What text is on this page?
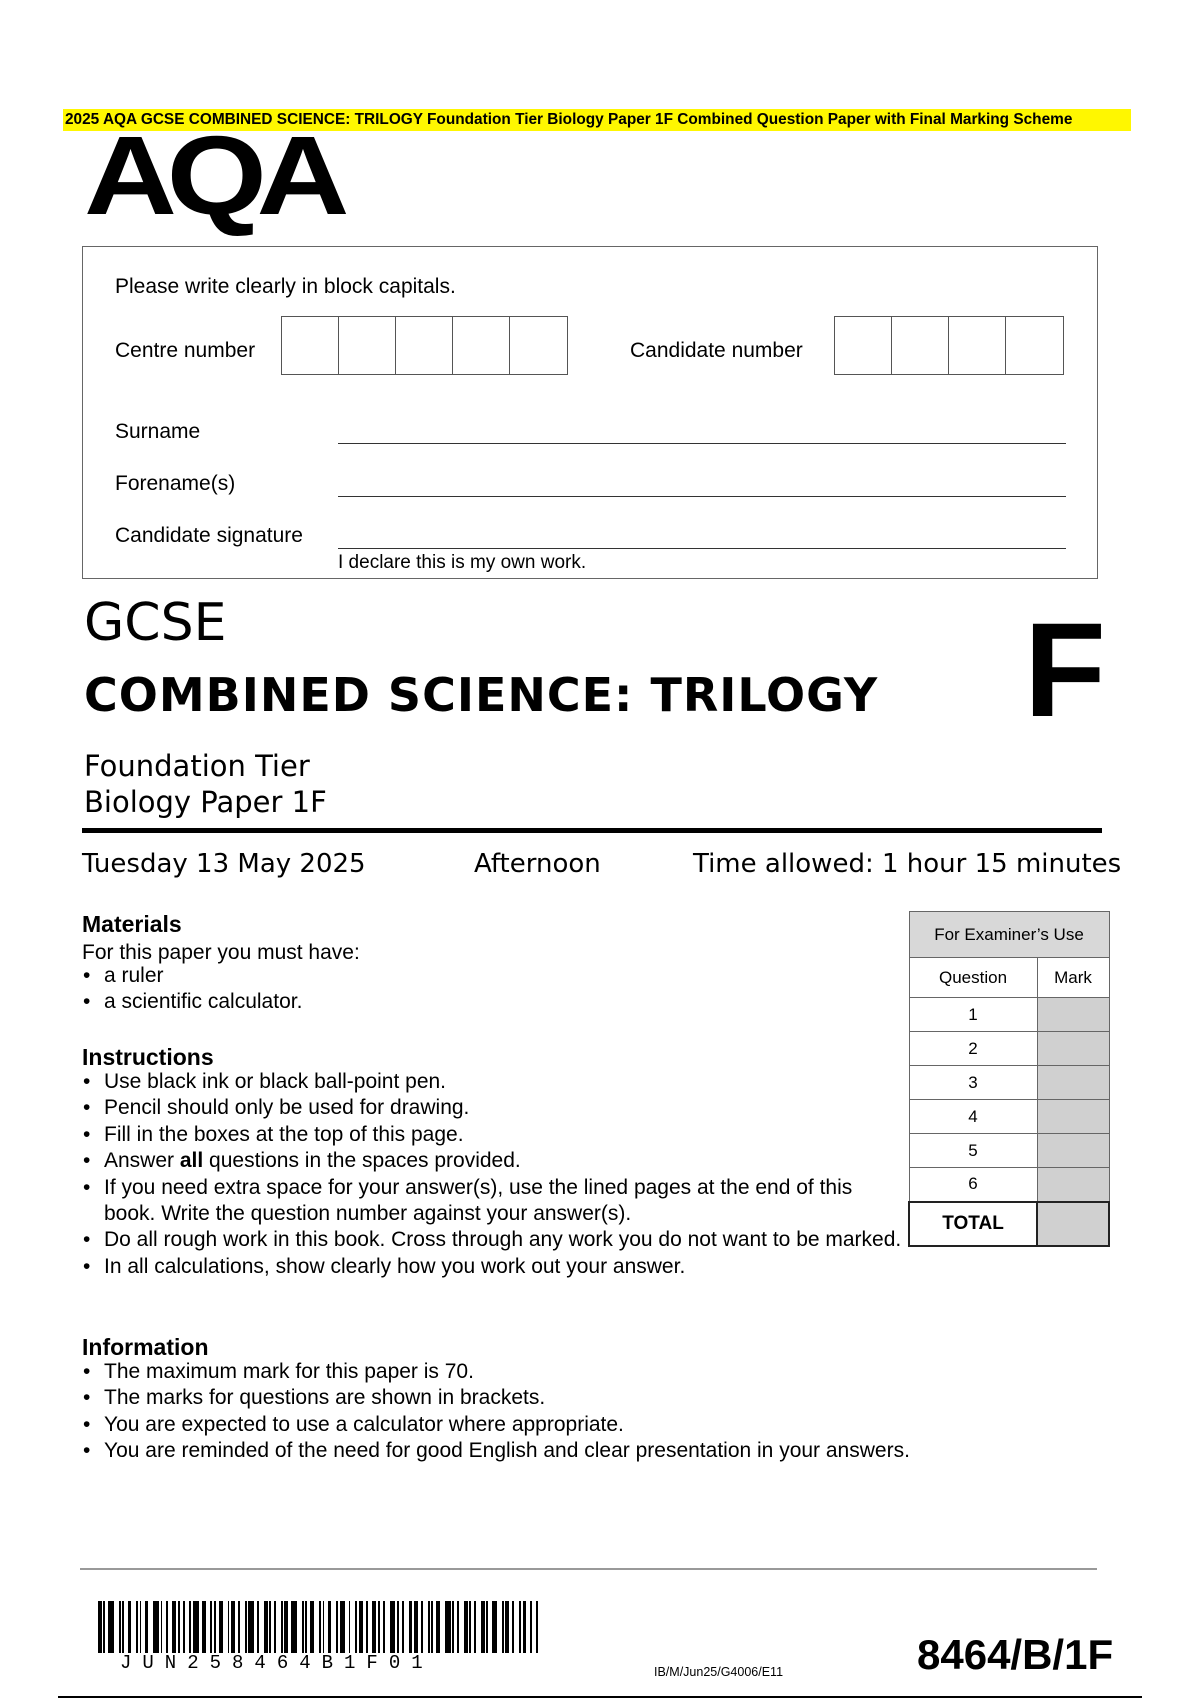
2025 AQA GCSE COMBINED SCIENCE: TRILOGY Foundation Tier Biology Paper 1F Combined Question Paper with Final Marking Scheme
AQA
Please write clearly in block capitals.
Centre number	Candidate number
Surname
Forename(s)
Candidate signature
I declare this is my own work.
GCSE
COMBINED SCIENCE: TRILOGY F
Foundation Tier
Biology Paper 1F
Tuesday 13 May 2025	Afternoon	Time allowed: 1 hour 15 minutes
Materials
For this paper you must have:
• a ruler
• a scientific calculator.
Instructions
• Use black ink or black ball-point pen.
• Pencil should only be used for drawing.
• Fill in the boxes at the top of this page.
• Answer all questions in the spaces provided.
• If you need extra space for your answer(s), use the lined pages at the end of this book. Write the question number against your answer(s).
• Do all rough work in this book. Cross through any work you do not want to be marked.
• In all calculations, show clearly how you work out your answer.
Information
• The maximum mark for this paper is 70.
• The marks for questions are shown in brackets.
• You are expected to use a calculator where appropriate.
• You are reminded of the need for good English and clear presentation in your answers.
For Examiner’s Use	
Question	Mark
1	
2	
3	
4	
5	
6	
TOTAL	
JUN258464B1F01	IB/M/Jun25/G4006/E11	8464/B/1F
